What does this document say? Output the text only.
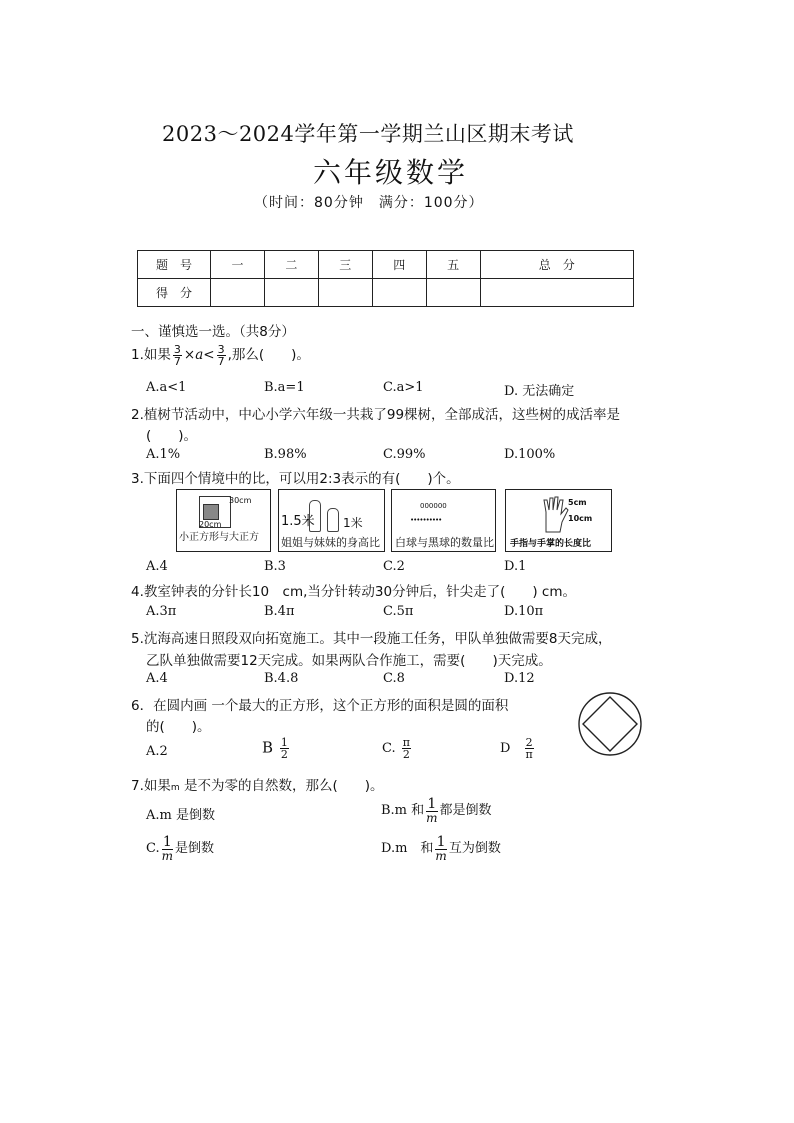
2023～2024学年第一学期兰山区期末考试
六年级数学
（时间：80分钟　满分：100分）
题　号	一	二	三	四	五	总　分
得　分						
一、谨慎选一选。（共8分）
1.如果 $\frac{3}{7} \times a< \frac{3}{7}$ ,那么(　　)。
A.a<1	B.a=1	C.a>1	D. 无法确定
2.植树节活动中，中心小学六年级一共栽了99棵树，全部成活，这些树的成活率是
(　　)。
A.1%	B.98%	C.99%	D.100%
3.下面四个情境中的比，可以用2:3表示的有(　　)个。
30cm
20cm
小正方形与大正方
1.5米 1米
姐姐与妹妹的身高比
000000
••••••••••
白球与黑球的数量比
5cm
10cm
手指与手掌的长度比
A.4	B.3	C.2	D.1
4.教室钟表的分针长10　cm,当分针转动30分钟后，针尖走了(　　) cm。
A.3π	B.4π	C.5π	D.10π
5.沈海高速日照段双向拓宽施工。其中一段施工任务，甲队单独做需要8天完成，
乙队单独做需要12天完成。如果两队合作施工，需要(　　)天完成。
A.4	B.4.8	C.8	D.12
6．在圆内画 一个最大的正方形，这个正方形的面积是圆的面积
的(　　)。
A.2	B $\frac{1}{2}$	C. $\frac{\pi}{2}$	D $\frac{2}{\pi}$
7.如果m 是不为零的自然数，那么(　　)。
A.m 是倒数	B.m 和 $\frac{1}{m}$ 都是倒数
C. $\frac{1}{m}$ 是倒数	D.m　和 $\frac{1}{m}$ 互为倒数
